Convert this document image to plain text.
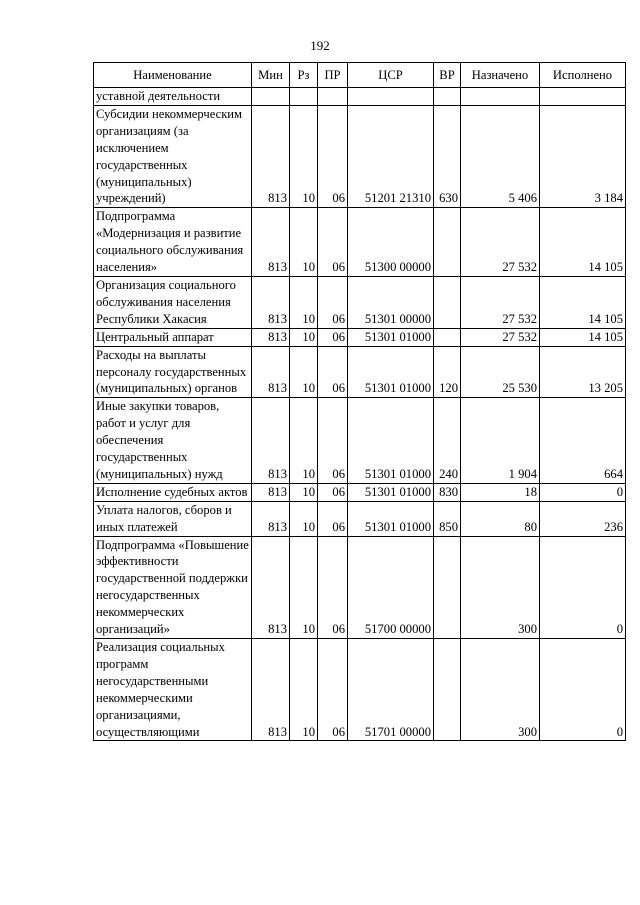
192
Наименование	Мин	Рз	ПР	ЦСР	ВР	Назначено	Исполнено
уставной деятельности							
Субсидии некоммерческим организациям (за исключением государственных (муниципальных) учреждений)	813	10	06	51201 21310	630	5 406	3 184
Подпрограмма «Модернизация и развитие социального обслуживания населения»	813	10	06	51300 00000		27 532	14 105
Организация социального обслуживания населения Республики Хакасия	813	10	06	51301 00000		27 532	14 105
Центральный аппарат	813	10	06	51301 01000		27 532	14 105
Расходы на выплаты персоналу государственных (муниципальных) органов	813	10	06	51301 01000	120	25 530	13 205
Иные закупки товаров, работ и услуг для обеспечения государственных (муниципальных) нужд	813	10	06	51301 01000	240	1 904	664
Исполнение судебных актов	813	10	06	51301 01000	830	18	0
Уплата налогов, сборов и иных платежей	813	10	06	51301 01000	850	80	236
Подпрограмма «Повышение эффективности государственной поддержки негосударственных некоммерческих организаций»	813	10	06	51700 00000		300	0
Реализация социальных программ негосударственными некоммерческими организациями, осуществляющими	813	10	06	51701 00000		300	0
